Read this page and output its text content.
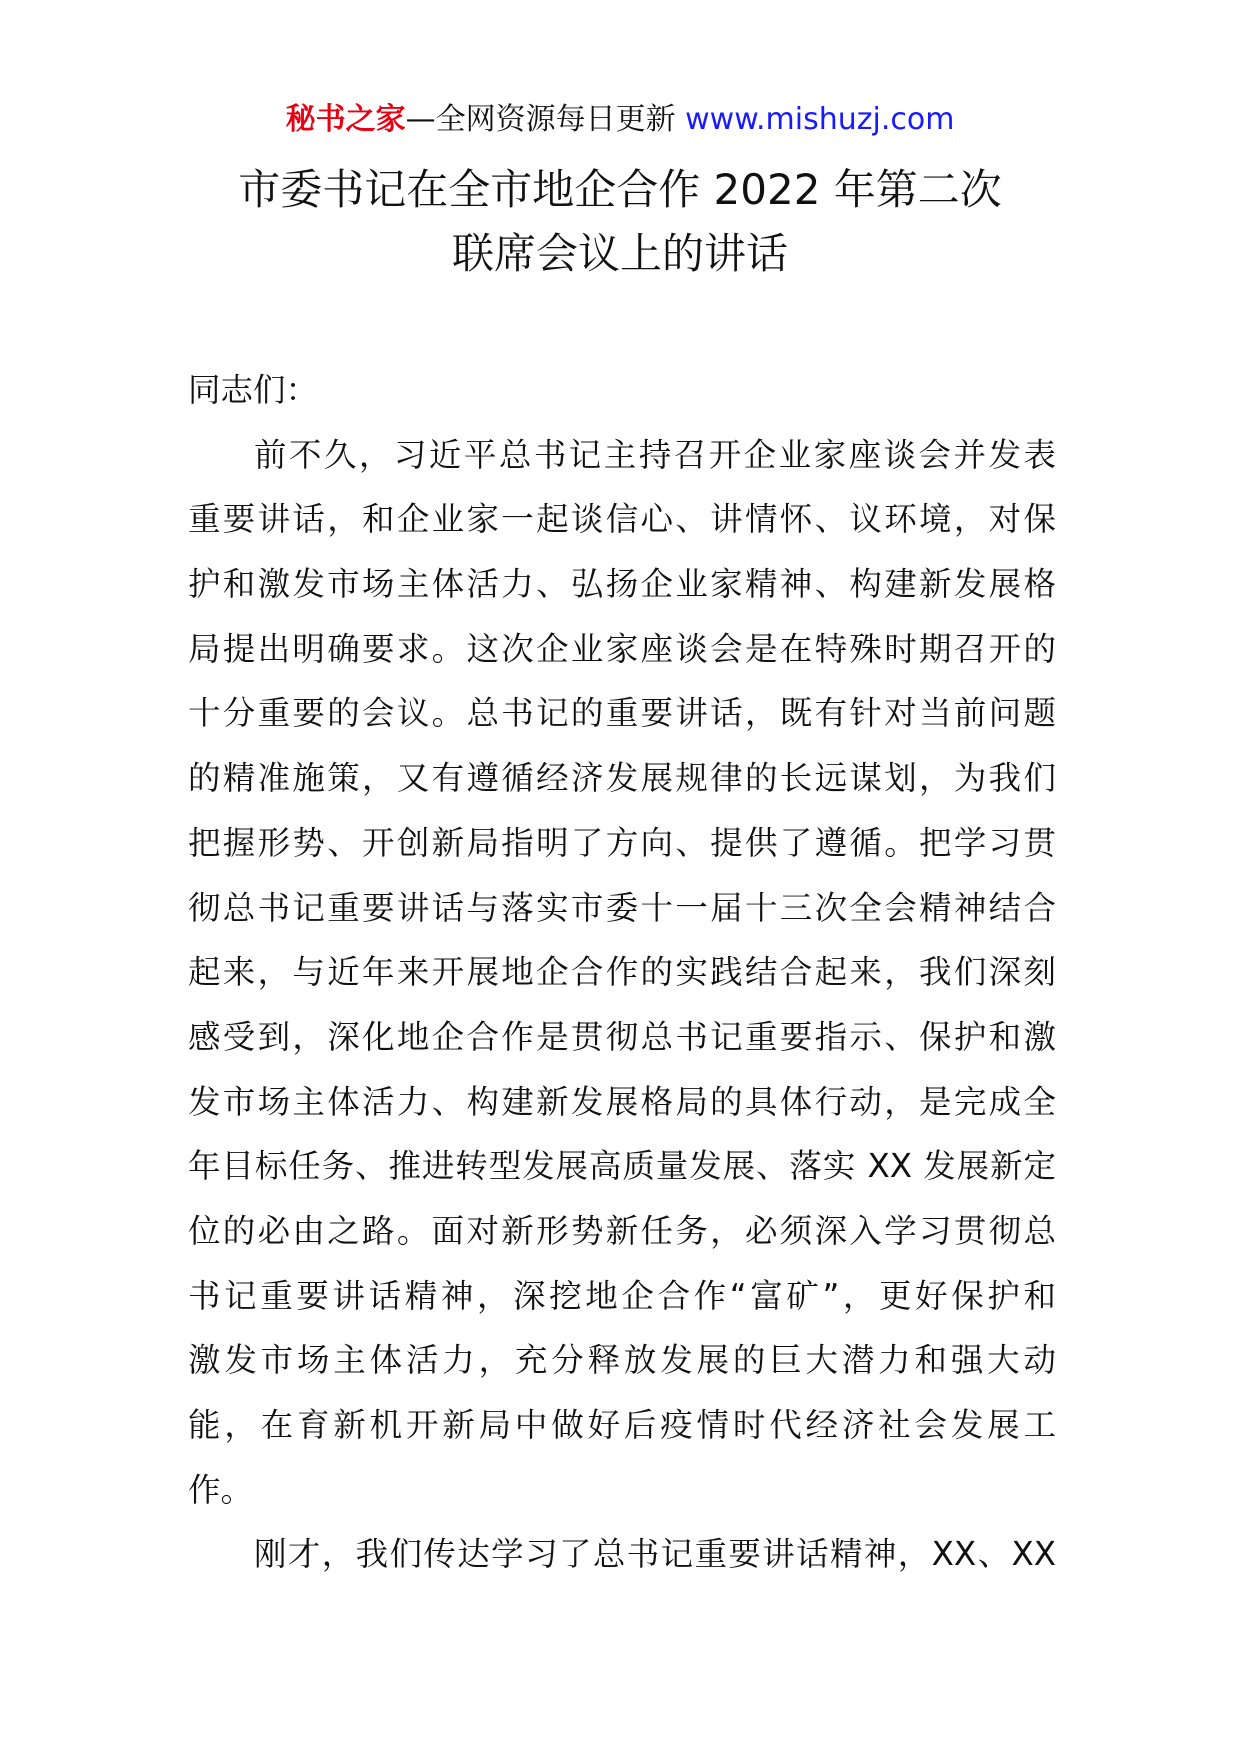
秘书之家—全网资源每日更新 www.mishuzj.com
市委书记在全市地企合作 2022 年第二次
联席会议上的讲话
同志们：
前不久，习近平总书记主持召开企业家座谈会并发表
重要讲话，和企业家一起谈信心、讲情怀、议环境，对保
护和激发市场主体活力、弘扬企业家精神、构建新发展格
局提出明确要求。这次企业家座谈会是在特殊时期召开的
十分重要的会议。总书记的重要讲话，既有针对当前问题
的精准施策，又有遵循经济发展规律的长远谋划，为我们
把握形势、开创新局指明了方向、提供了遵循。把学习贯
彻总书记重要讲话与落实市委十一届十三次全会精神结合
起来，与近年来开展地企合作的实践结合起来，我们深刻
感受到，深化地企合作是贯彻总书记重要指示、保护和激
发市场主体活力、构建新发展格局的具体行动，是完成全
年目标任务、推进转型发展高质量发展、落实 XX 发展新定
位的必由之路。面对新形势新任务，必须深入学习贯彻总
书记重要讲话精神，深挖地企合作“富矿”，更好保护和
激发市场主体活力，充分释放发展的巨大潜力和强大动
能，在育新机开新局中做好后疫情时代经济社会发展工
作。
刚才，我们传达学习了总书记重要讲话精神，XX、XX
